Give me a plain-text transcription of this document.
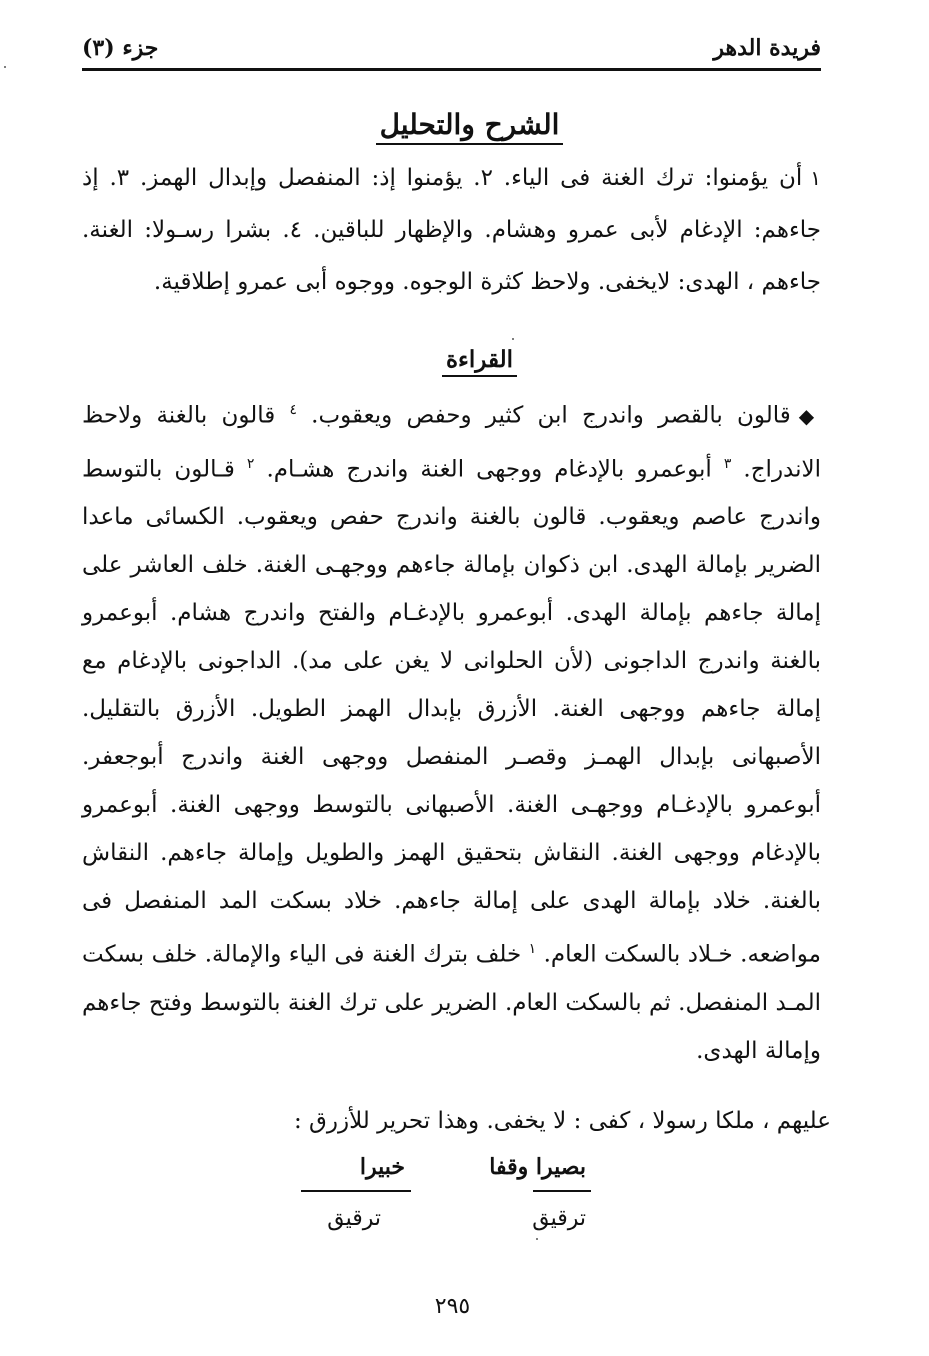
فريدة الدهر
جزء (٣)
الشرح والتحليل
١أن يؤمنوا: ترك الغنة فى الياء. ٢. يؤمنوا إذ: المنفصل وإبدال الهمز. ٣. إذ جاءهم: الإدغام لأبى عمرو وهشام. والإظهار للباقين. ٤. بشرا رسـولا: الغنة. جاءهم ، الهدى: لايخفى. ولاحظ كثرة الوجوه. ووجوه أبى عمرو إطلاقية.
القراءة
◆قالون بالقصر واندرج ابن كثير وحفص ويعقوب. $^٤$ قالون بالغنة ولاحظ الاندراج. $^٣$ أبوعمرو بالإدغام ووجهى الغنة واندرج هشـام. $^٢$ قـالون بالتوسط واندرج عاصم ويعقوب. قالون بالغنة واندرج حفص ويعقوب. الكسائى ماعدا الضرير بإمالة الهدى. ابن ذكوان بإمالة جاءهم ووجهـى الغنة. خلف العاشر على إمالة جاءهم بإمالة الهدى. أبوعمرو بالإدغـام والفتح واندرج هشام. أبوعمرو بالغنة واندرج الداجونى (لأن الحلوانى لا يغن على مد). الداجونى بالإدغام مع إمالة جاءهم ووجهى الغنة. الأزرق بإبدال الهمز الطويل. الأزرق بالتقليل. الأصبهانى بإبدال الهمـز وقصـر المنفصل ووجهى الغنة واندرج أبوجعفر. أبوعمرو بالإدغـام ووجهـى الغنة. الأصبهانى بالتوسط ووجهى الغنة. أبوعمرو بالإدغام ووجهى الغنة. النقاش بتحقيق الهمز والطويل وإمالة جاءهم. النقاش بالغنة. خلاد بإمالة الهدى على إمالة جاءهم. خلاد بسكت المد المنفصل فى مواضعه. خـلاد بالسكت العام. $^١$ خلف بترك الغنة فى الياء والإمالة. خلف بسكت المـد المنفصل. ثم بالسكت العام. الضرير على ترك الغنة بالتوسط وفتح جاءهم وإمالة الهدى.
عليهم ، ملكا رسولا ، كفى : لا يخفى. وهذا تحرير للأزرق :
بصيرا وقفا
خبيرا
ترقيق
ترقيق
٢٩٥
